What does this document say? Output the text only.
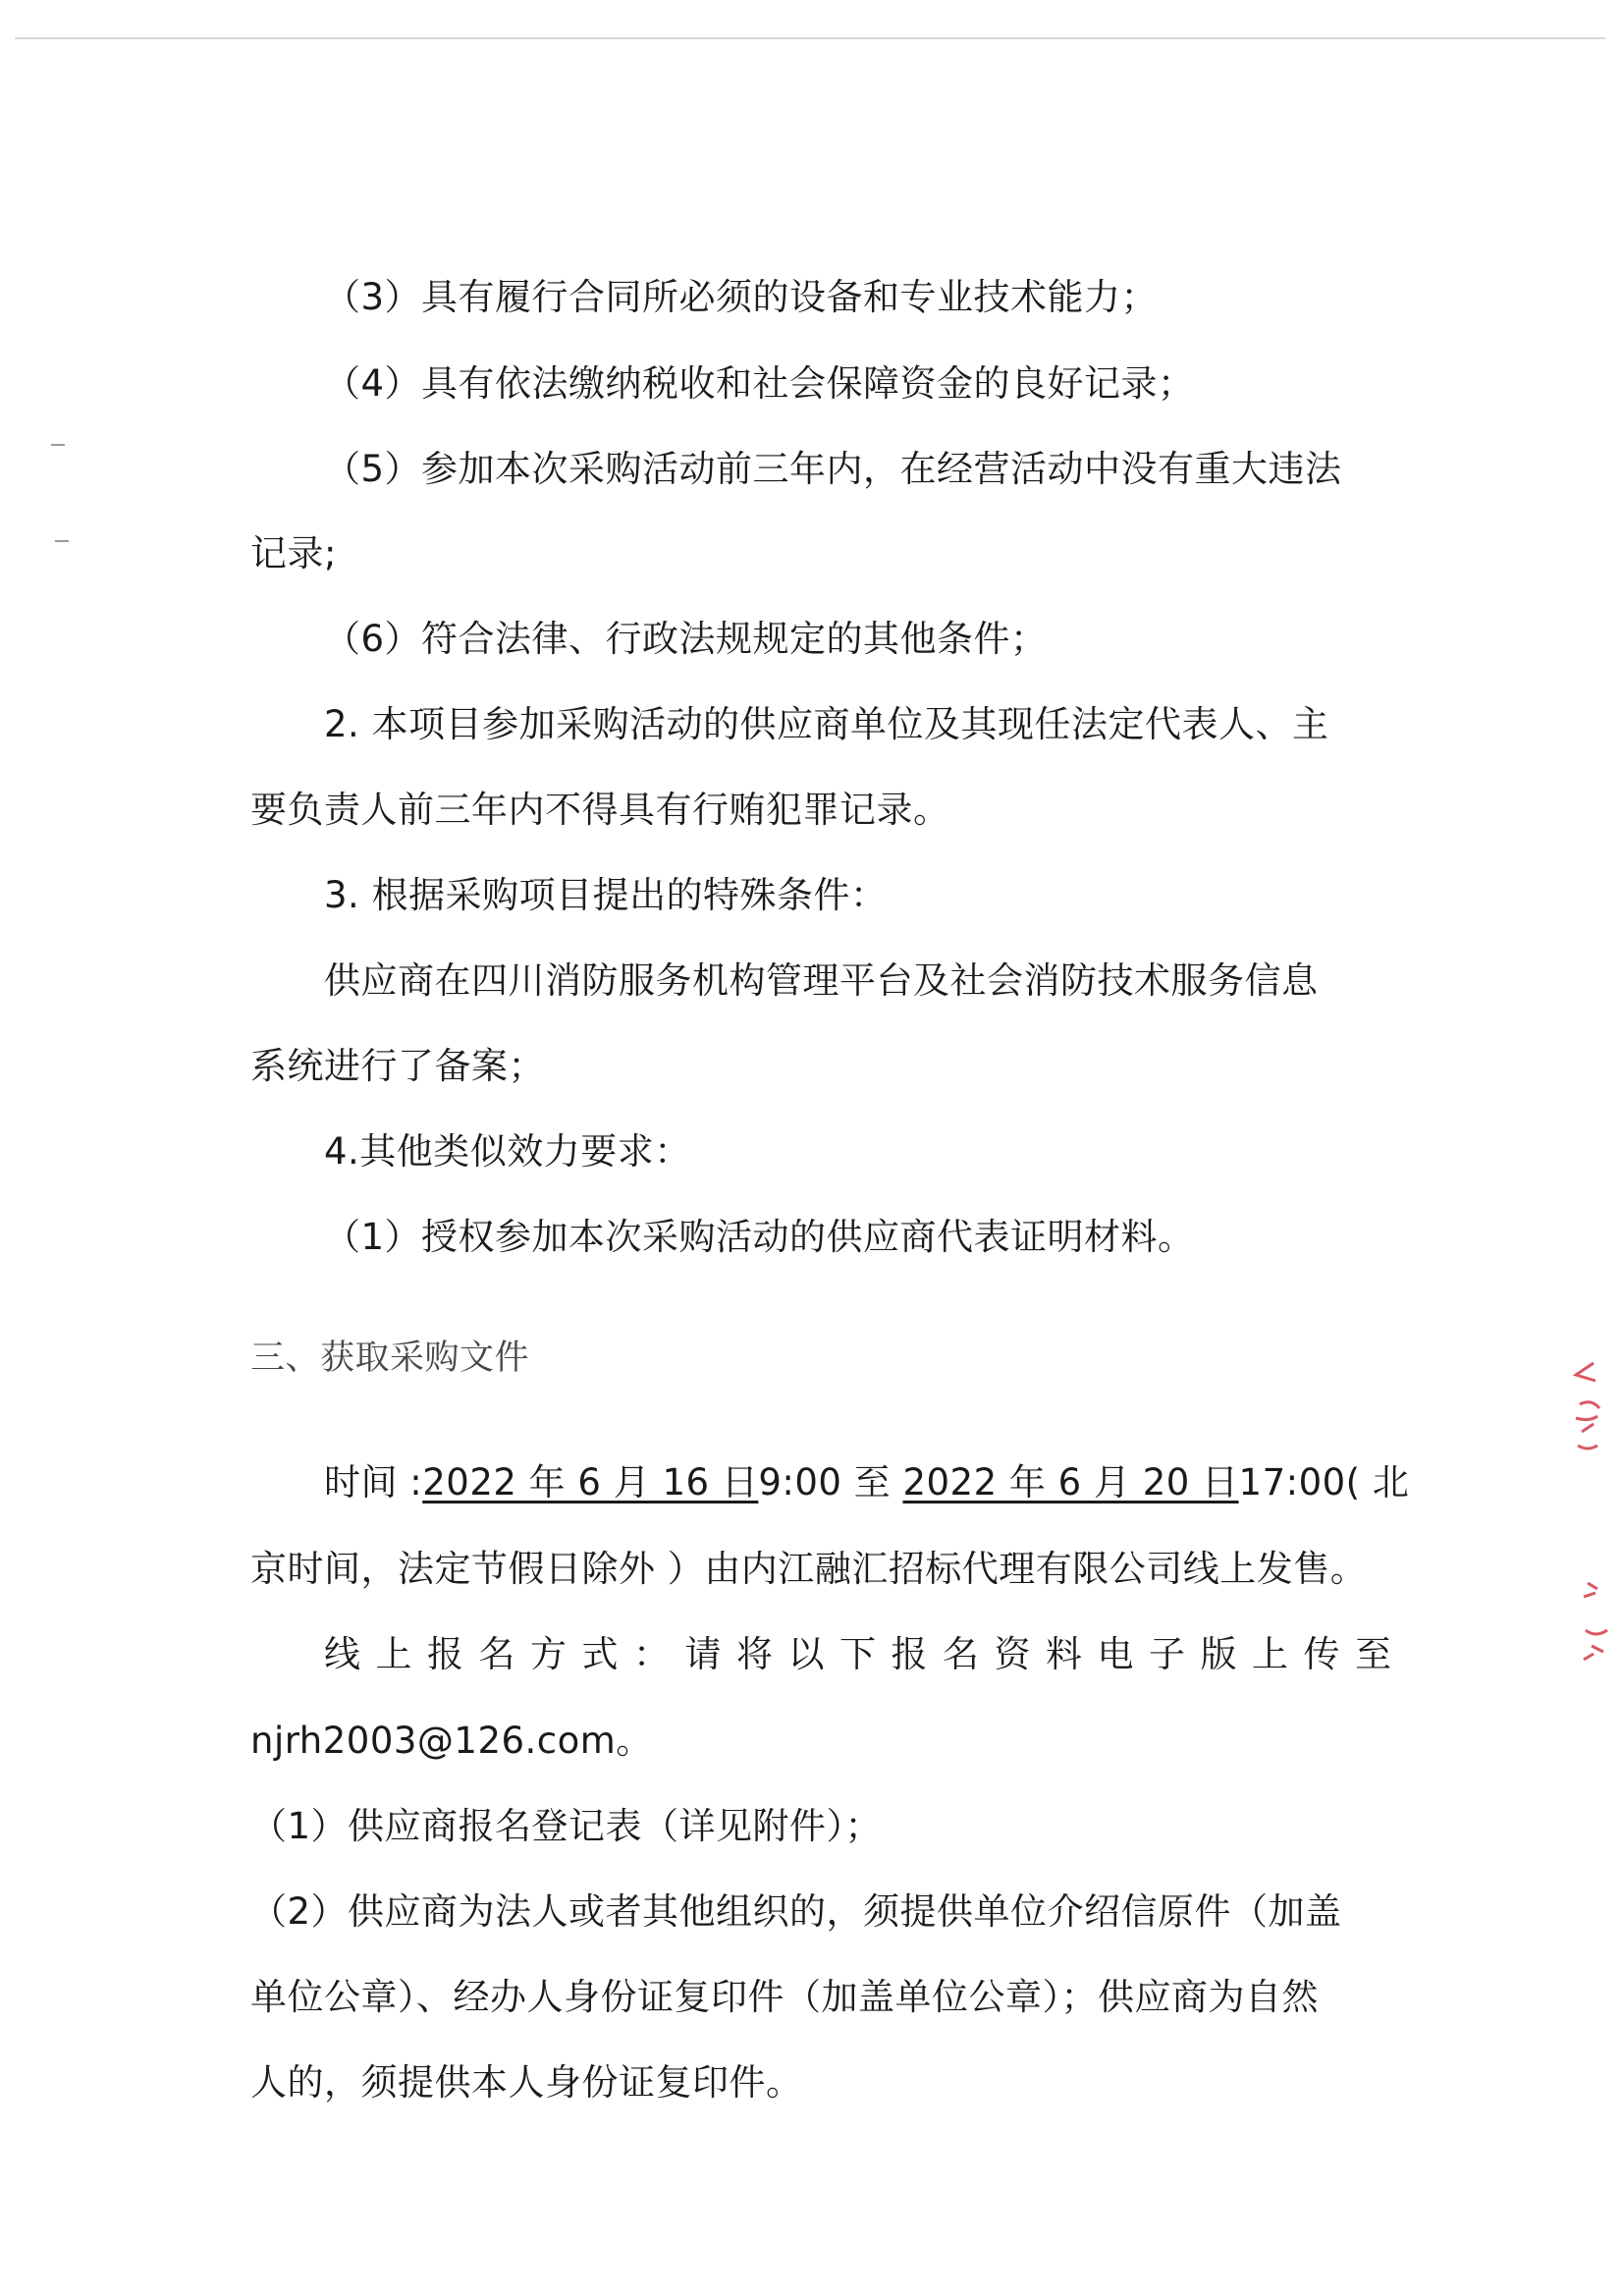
（3）具有履行合同所必须的设备和专业技术能力；
（4）具有依法缴纳税收和社会保障资金的良好记录；
（5）参加本次采购活动前三年内，在经营活动中没有重大违法
记录;
（6）符合法律、行政法规规定的其他条件；
2. 本项目参加采购活动的供应商单位及其现任法定代表人、主
要负责人前三年内不得具有行贿犯罪记录。
3. 根据采购项目提出的特殊条件：
供应商在四川消防服务机构管理平台及社会消防技术服务信息
系统进行了备案；
4.其他类似效力要求：
（1）授权参加本次采购活动的供应商代表证明材料。
三、获取采购文件
时间 :2022 年 6 月 16 日9:00 至 2022 年 6 月 20 日17:00( 北
京时间，法定节假日除外 ）由内江融汇招标代理有限公司线上发售。
线上报名方式：请将以下报名资料电子版上传至
njrh2003@126.com。
（1）供应商报名登记表（详见附件）；
（2）供应商为法人或者其他组织的，须提供单位介绍信原件（加盖
单位公章）、经办人身份证复印件（加盖单位公章）；供应商为自然
人的，须提供本人身份证复印件。
